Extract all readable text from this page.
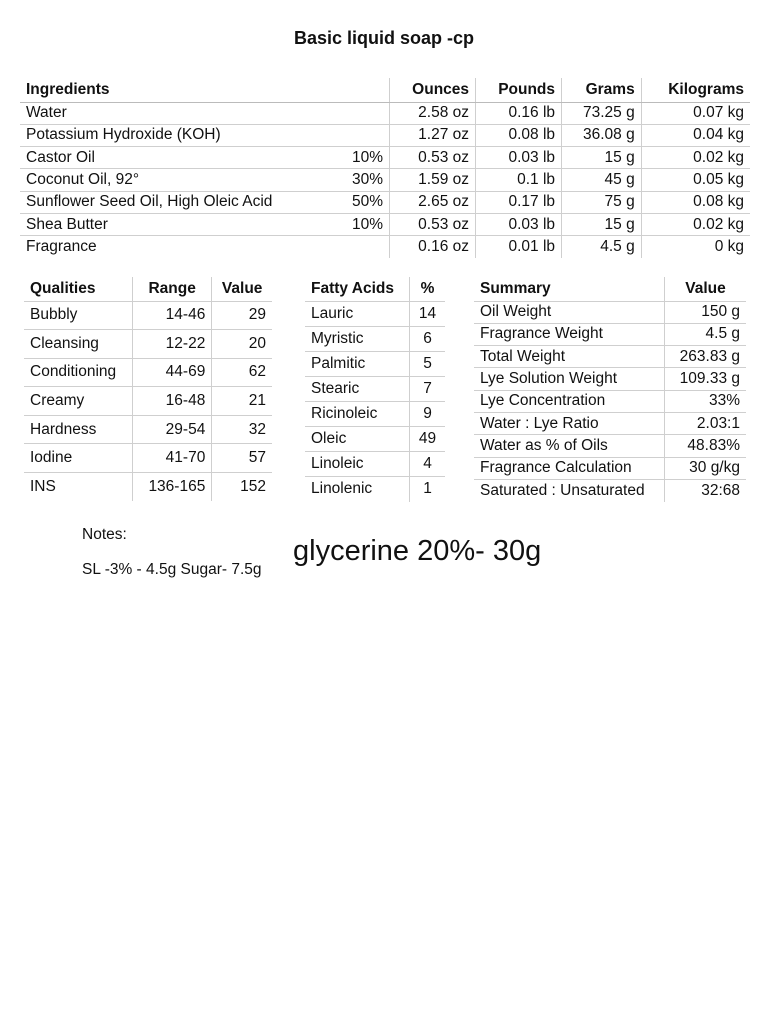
Basic liquid soap -cp
Ingredients		Ounces	Pounds	Grams	Kilograms
Water		2.58 oz	0.16 lb	73.25 g	0.07 kg
Potassium Hydroxide (KOH)		1.27 oz	0.08 lb	36.08 g	0.04 kg
Castor Oil	10%	0.53 oz	0.03 lb	15 g	0.02 kg
Coconut Oil, 92°	30%	1.59 oz	0.1 lb	45 g	0.05 kg
Sunflower Seed Oil, High Oleic Acid	50%	2.65 oz	0.17 lb	75 g	0.08 kg
Shea Butter	10%	0.53 oz	0.03 lb	15 g	0.02 kg
Fragrance		0.16 oz	0.01 lb	4.5 g	0 kg
Qualities	Range	Value
Bubbly	14-46	29
Cleansing	12-22	20
Conditioning	44-69	62
Creamy	16-48	21
Hardness	29-54	32
Iodine	41-70	57
INS	136-165	152
Fatty Acids	%
Lauric	14
Myristic	6
Palmitic	5
Stearic	7
Ricinoleic	9
Oleic	49
Linoleic	4
Linolenic	1
Summary	Value
Oil Weight	150 g
Fragrance Weight	4.5 g
Total Weight	263.83 g
Lye Solution Weight	109.33 g
Lye Concentration	33%
Water : Lye Ratio	2.03:1
Water as % of Oils	48.83%
Fragrance Calculation	30 g/kg
Saturated : Unsaturated	32:68
Notes:
SL -3% - 4.5g Sugar- 7.5g
glycerine 20%- 30g
